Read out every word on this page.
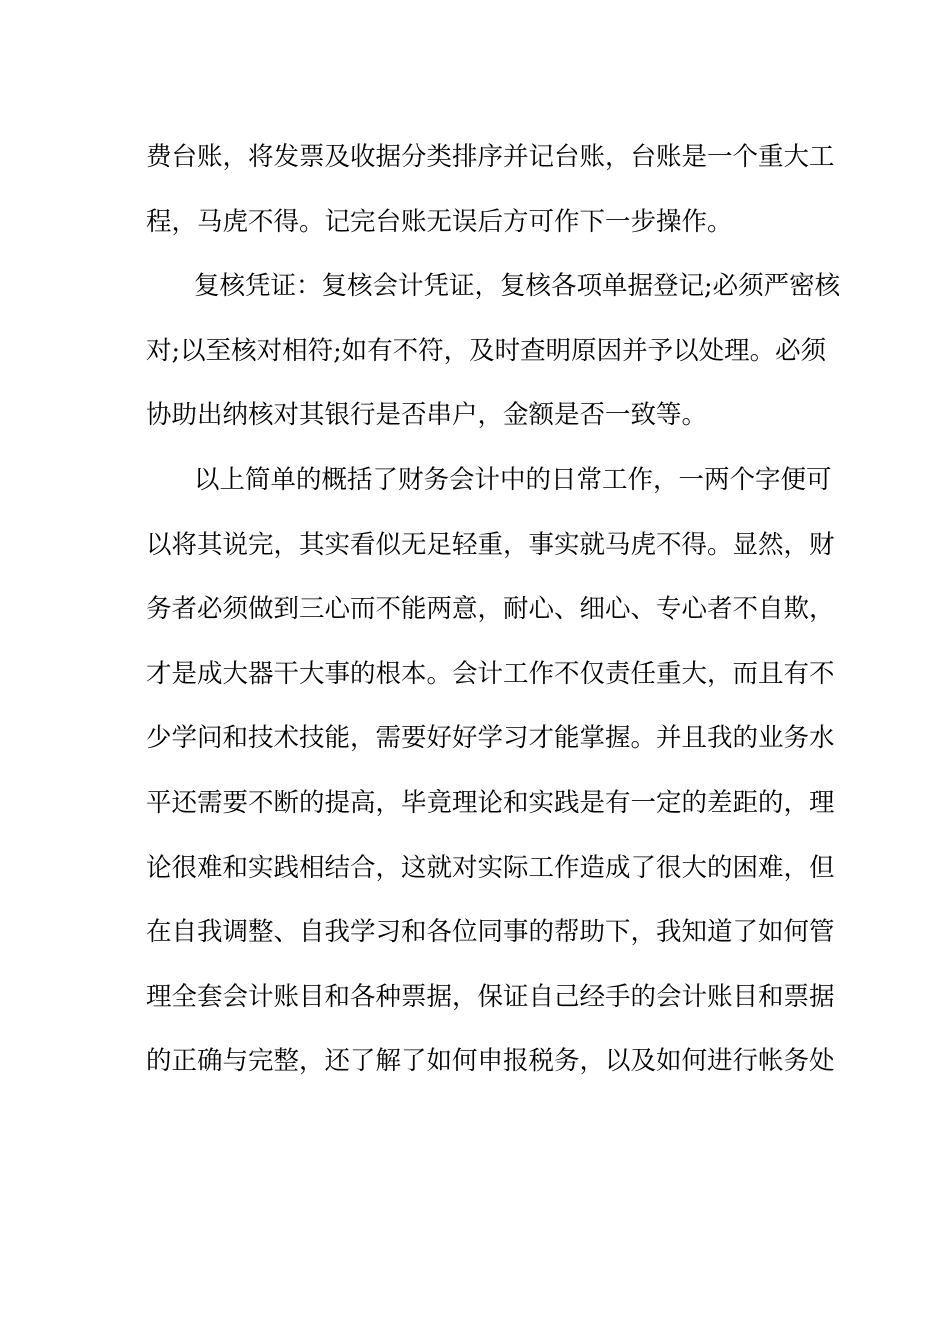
费台账，将发票及收据分类排序并记台账，台账是一个重大工
程，马虎不得。记完台账无误后方可作下一步操作。
复核凭证：复核会计凭证，复核各项单据登记;必须严密核
对;以至核对相符;如有不符，及时查明原因并予以处理。必须
协助出纳核对其银行是否串户，金额是否一致等。
以上简单的概括了财务会计中的日常工作，一两个字便可
以将其说完，其实看似无足轻重，事实就马虎不得。显然，财
务者必须做到三心而不能两意，耐心、细心、专心者不自欺，
才是成大器干大事的根本。会计工作不仅责任重大，而且有不
少学问和技术技能，需要好好学习才能掌握。并且我的业务水
平还需要不断的提高，毕竟理论和实践是有一定的差距的，理
论很难和实践相结合，这就对实际工作造成了很大的困难，但
在自我调整、自我学习和各位同事的帮助下，我知道了如何管
理全套会计账目和各种票据，保证自己经手的会计账目和票据
的正确与完整，还了解了如何申报税务，以及如何进行帐务处
